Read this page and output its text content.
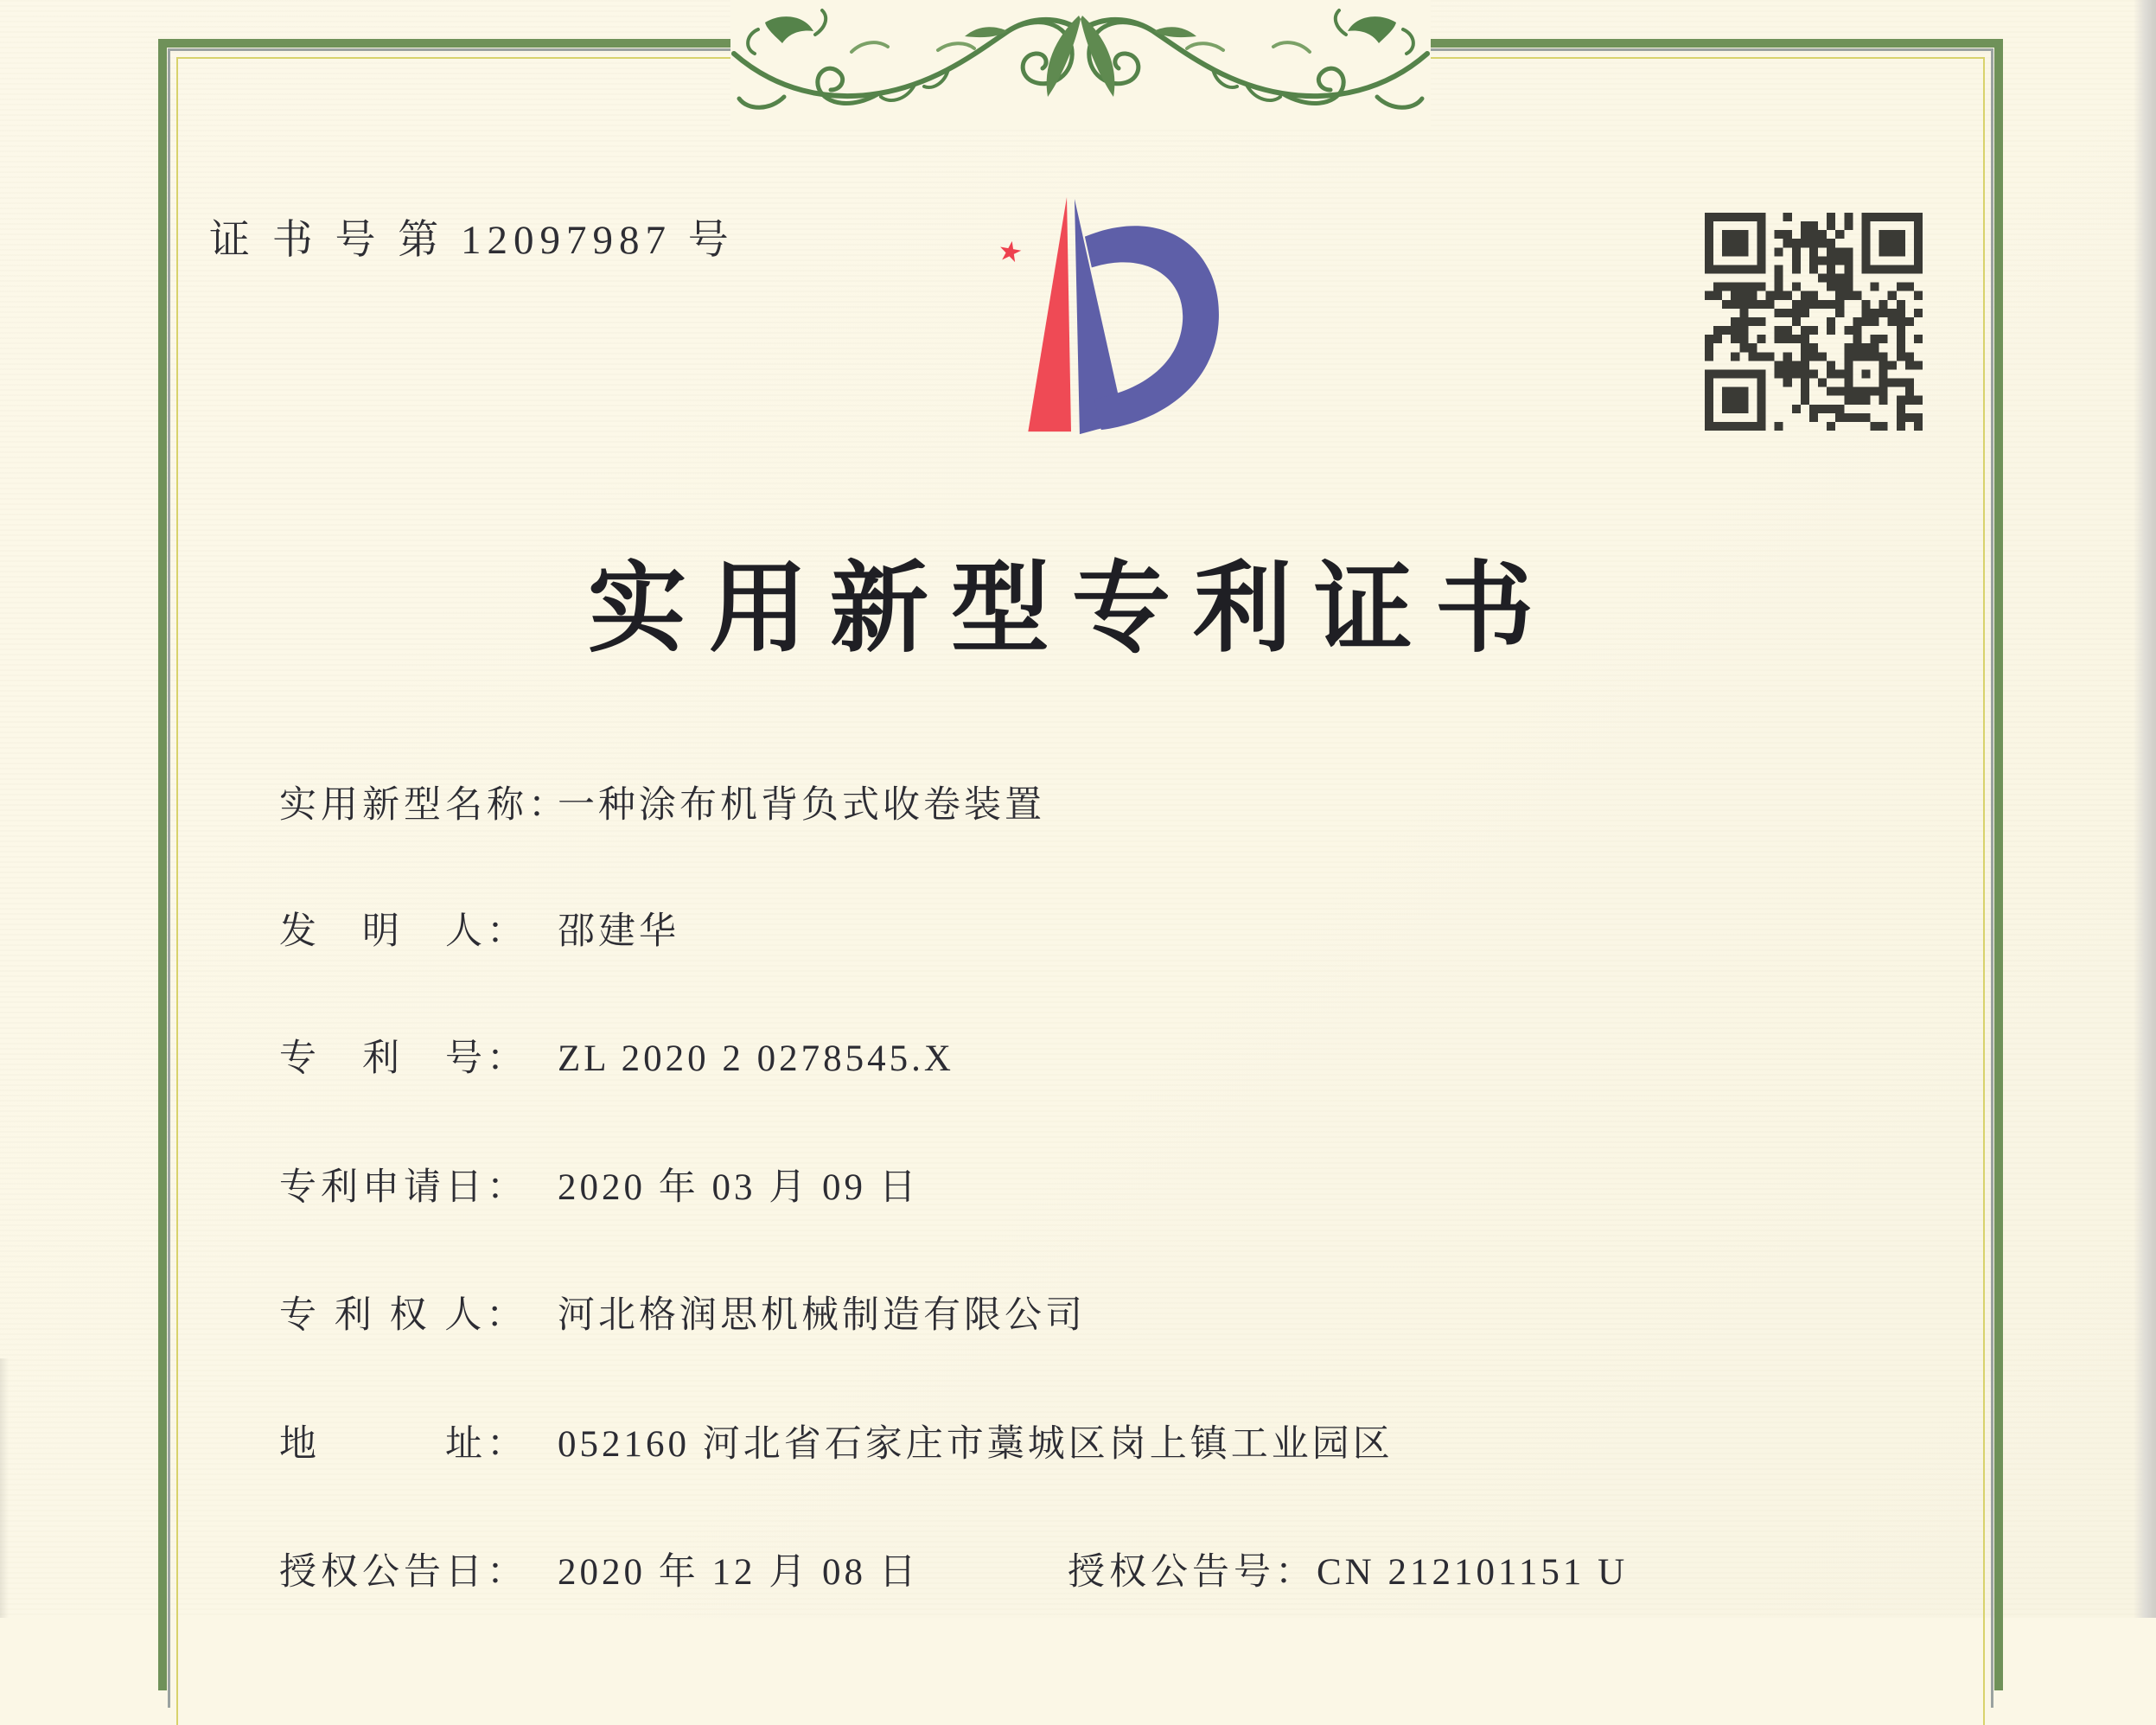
证 书 号 第 12097987 号
实用新型专利证书
实用新型名称：一种涂布机背负式收卷装置
发　明　人： 邵建华
专　利　号： ZL 2020 2 0278545.X
专利申请日： 2020 年 03 月 09 日
专 利 权 人： 河北格润思机械制造有限公司
地　　　址： 052160 河北省石家庄市藁城区岗上镇工业园区
授权公告日： 2020 年 12 月 08 日	授权公告号：CN 212101151 U
